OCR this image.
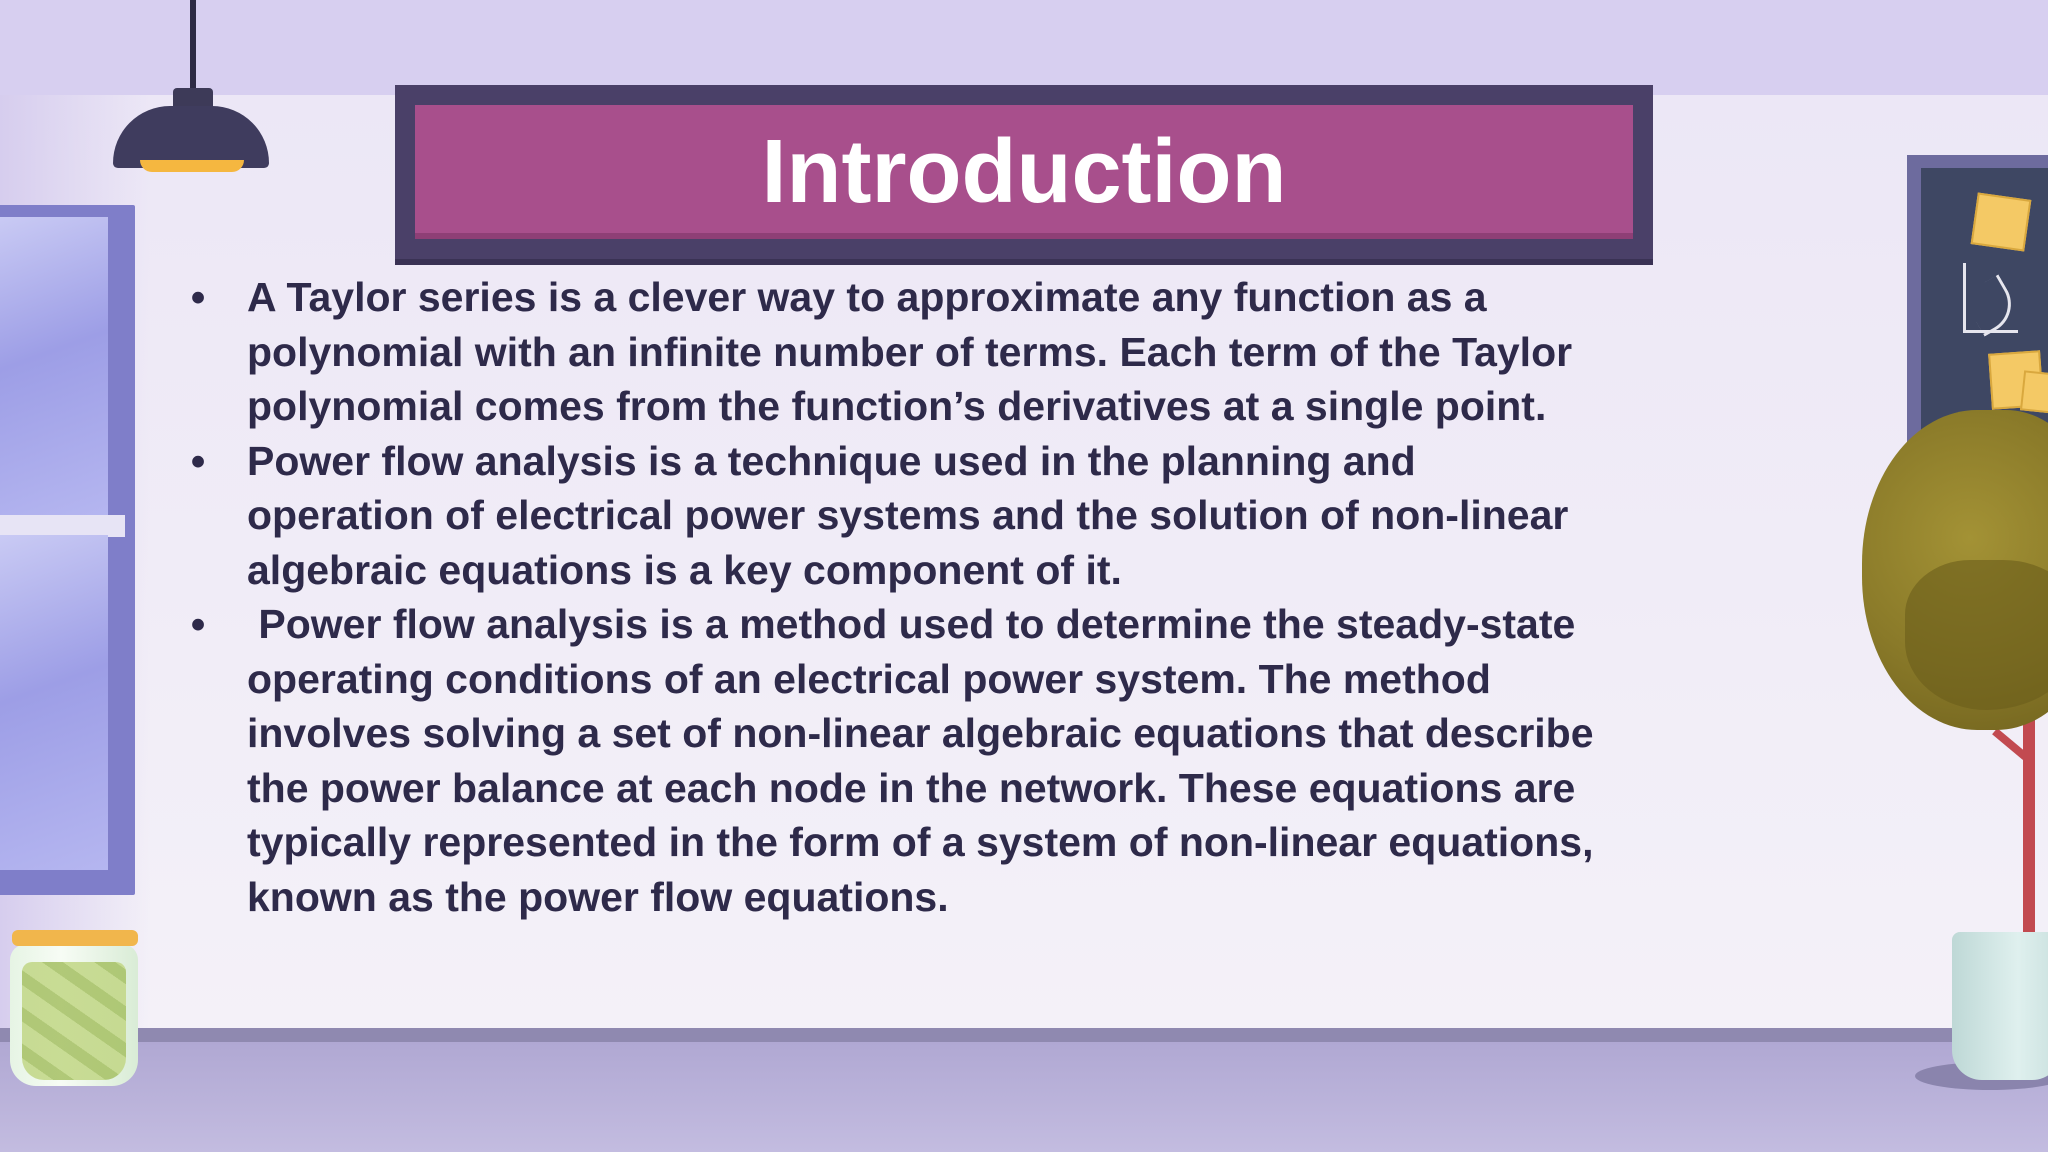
Introduction
• A Taylor series is a clever way to approximate any function as a
polynomial with an infinite number of terms. Each term of the Taylor
polynomial comes from the function’s derivatives at a single point.
• Power flow analysis is a technique used in the planning and
operation of electrical power systems and the solution of non-linear
algebraic equations is a key component of it.
• Power flow analysis is a method used to determine the steady-state
operating conditions of an electrical power system. The method
involves solving a set of non-linear algebraic equations that describe
the power balance at each node in the network. These equations are
typically represented in the form of a system of non-linear equations,
known as the power flow equations.
